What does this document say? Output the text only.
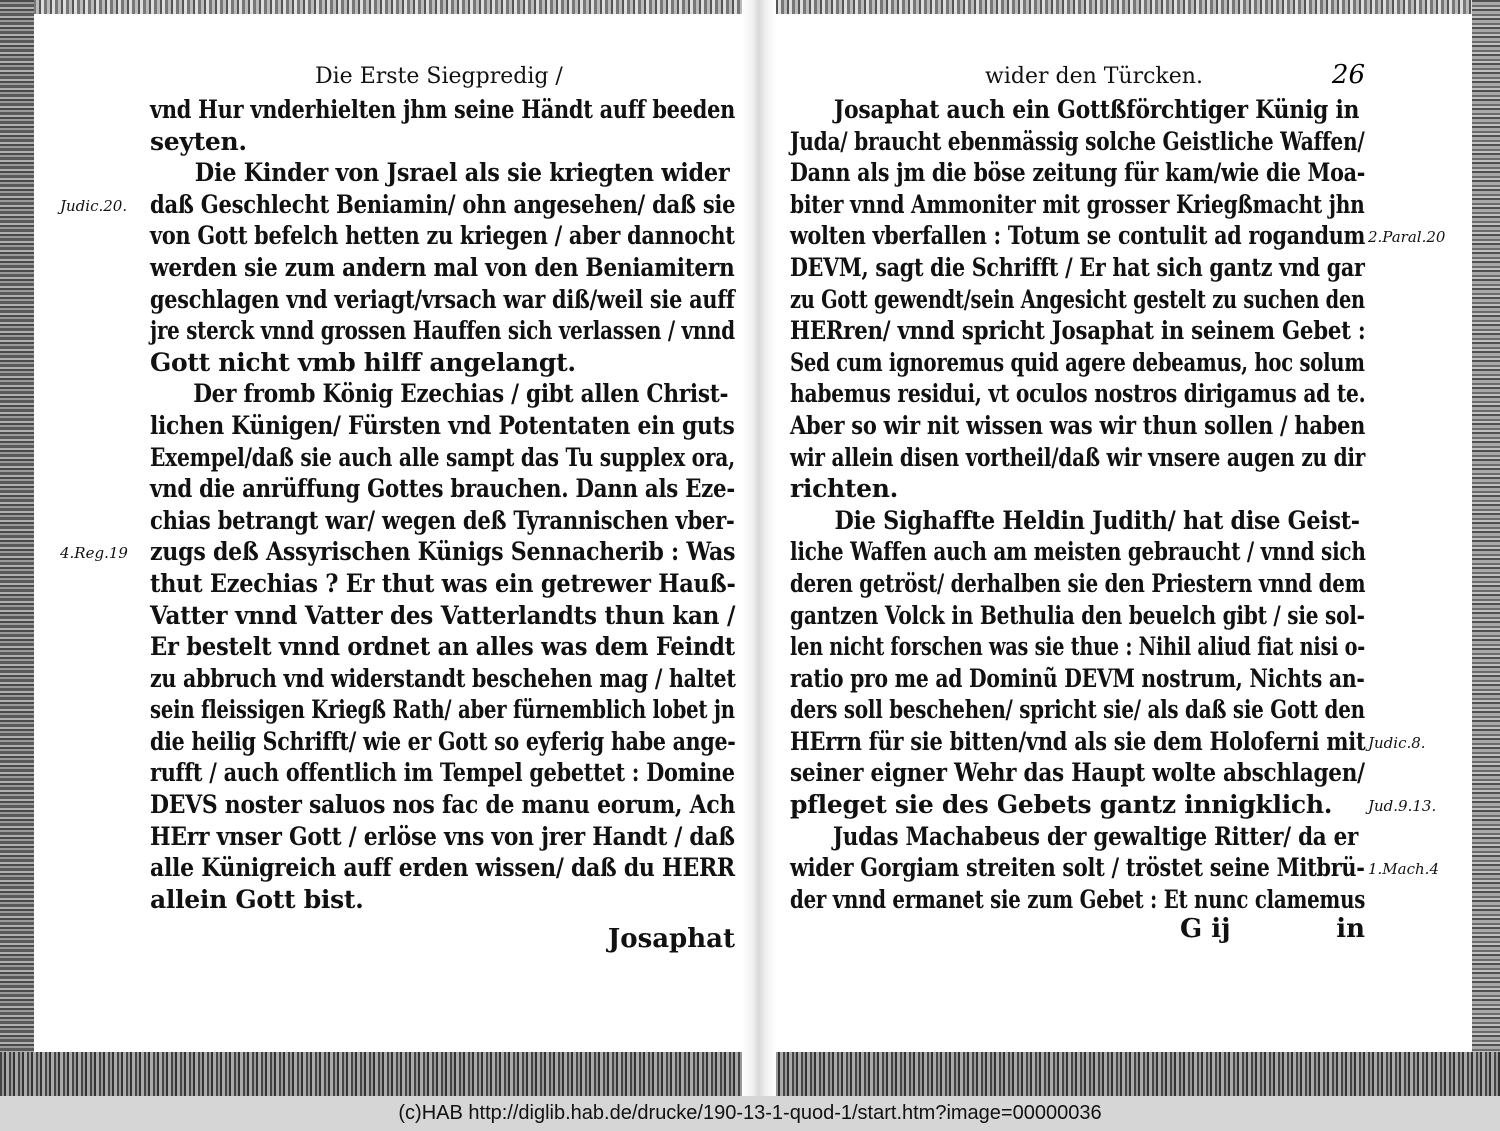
Die Erste Siegpredig /
vnd Hur vnderhielten jhm seine Händt auff beeden
seyten.
Die Kinder von Jsrael als sie kriegten wider
daß Geschlecht Beniamin/ ohn angesehen/ daß sie
von Gott befelch hetten zu kriegen / aber dannocht
werden sie zum andern mal von den Beniamitern
geschlagen vnd veriagt/vrsach war diß/weil sie auff
jre sterck vnnd grossen Hauffen sich verlassen / vnnd
Gott nicht vmb hilff angelangt.
Der fromb König Ezechias / gibt allen Christ-
lichen Künigen/ Fürsten vnd Potentaten ein guts
Exempel/daß sie auch alle sampt das Tu supplex ora,
vnd die anrüffung Gottes brauchen. Dann als Eze-
chias betrangt war/ wegen deß Tyrannischen vber-
zugs deß Assyrischen Künigs Sennacherib : Was
thut Ezechias ? Er thut was ein getrewer Hauß-
Vatter vnnd Vatter des Vatterlandts thun kan /
Er bestelt vnnd ordnet an alles was dem Feindt
zu abbruch vnd widerstandt beschehen mag / haltet
sein fleissigen Kriegß Rath/ aber fürnemblich lobet jn
die heilig Schrifft/ wie er Gott so eyferig habe ange-
rufft / auch offentlich im Tempel gebettet : Domine
DEVS noster saluos nos fac de manu eorum, Ach
HErr vnser Gott / erlöse vns von jrer Handt / daß
alle Künigreich auff erden wissen/ daß du HERR
allein Gott bist.
Judic.20.
4.Reg.19
Josaphat
wider den Türcken.	26
Josaphat auch ein Gottßförchtiger Künig in
Juda/ braucht ebenmässig solche Geistliche Waffen/
Dann als jm die böse zeitung für kam/wie die Moa-
biter vnnd Ammoniter mit grosser Kriegßmacht jhn
wolten vberfallen : Totum se contulit ad rogandum
DEVM, sagt die Schrifft / Er hat sich gantz vnd gar
zu Gott gewendt/sein Angesicht gestelt zu suchen den
HERren/ vnnd spricht Josaphat in seinem Gebet :
Sed cum ignoremus quid agere debeamus, hoc solum
habemus residui, vt oculos nostros dirigamus ad te.
Aber so wir nit wissen was wir thun sollen / haben
wir allein disen vortheil/daß wir vnsere augen zu dir
richten.
Die Sighaffte Heldin Judith/ hat dise Geist-
liche Waffen auch am meisten gebraucht / vnnd sich
deren getröst/ derhalben sie den Priestern vnnd dem
gantzen Volck in Bethulia den beuelch gibt / sie sol-
len nicht forschen was sie thue : Nihil aliud fiat nisi o-
ratio pro me ad Dominũ DEVM nostrum, Nichts an-
ders soll beschehen/ spricht sie/ als daß sie Gott den
HErrn für sie bitten/vnd als sie dem Holoferni mit
seiner eigner Wehr das Haupt wolte abschlagen/
pfleget sie des Gebets gantz innigklich.
Judas Machabeus der gewaltige Ritter/ da er
wider Gorgiam streiten solt / tröstet seine Mitbrü-
der vnnd ermanet sie zum Gebet : Et nunc clamemus
2.Paral.20
Judic.8.
Jud.9.13.
1.Mach.4
G ij	in
(c)HAB http://diglib.hab.de/drucke/190-13-1-quod-1/start.htm?image=00000036
